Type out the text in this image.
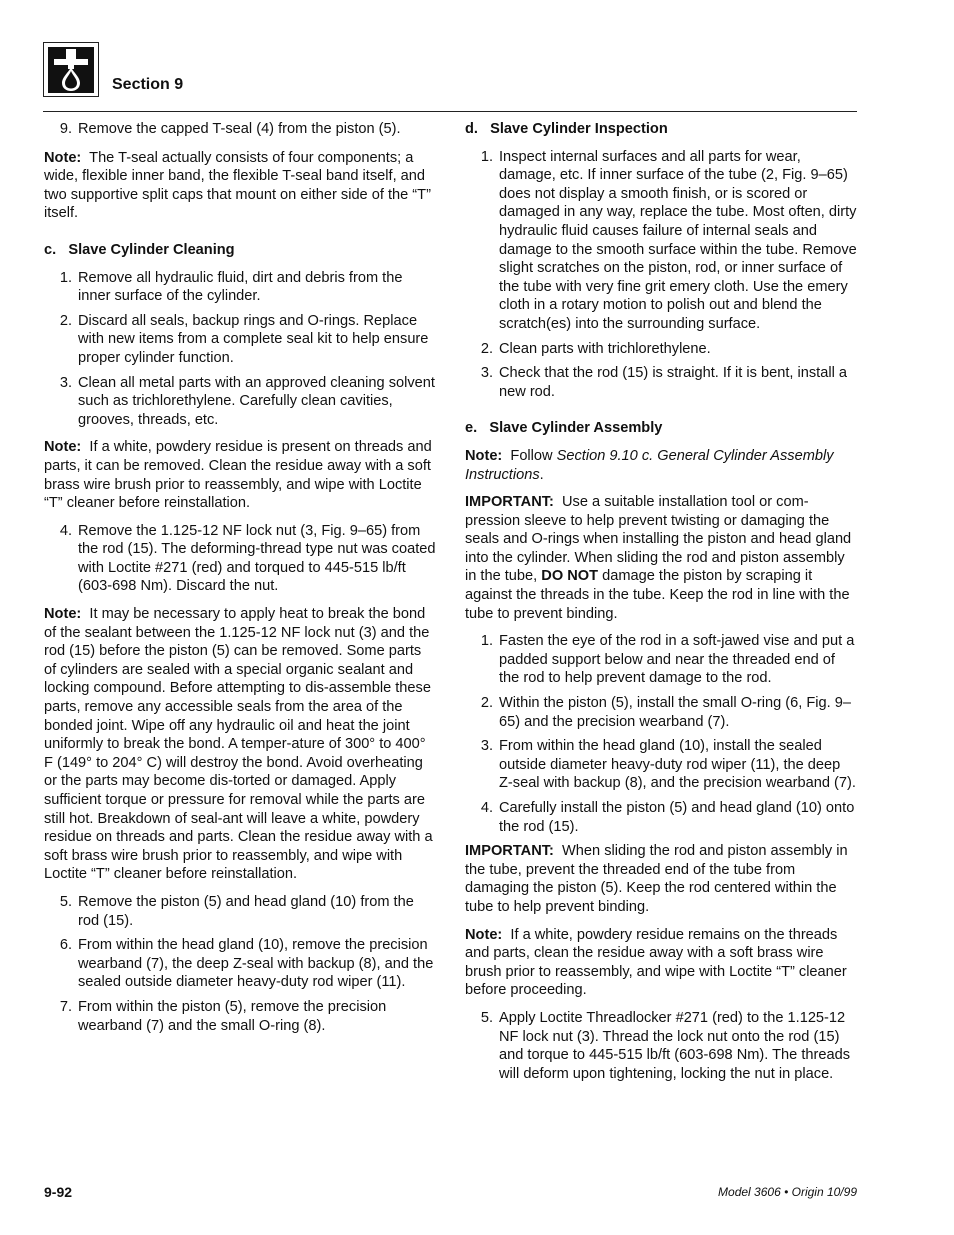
Section 9
9. Remove the capped T-seal (4) from the piston (5).

Note: The T-seal actually consists of four components; a wide, flexible inner band, the flexible T-seal band itself, and two supportive split caps that mount on either side of the “T” itself.

c.   Slave Cylinder Cleaning
1. Remove all hydraulic fluid, dirt and debris from the inner surface of the cylinder.
2. Discard all seals, backup rings and O-rings. Replace with new items from a complete seal kit to help ensure proper cylinder function.
3. Clean all metal parts with an approved cleaning solvent such as trichlorethylene. Carefully clean cavities, grooves, threads, etc.

Note: If a white, powdery residue is present on threads and parts, it can be removed. Clean the residue away with a soft brass wire brush prior to reassembly, and wipe with Loctite “T” cleaner before reinstallation.

4. Remove the 1.125-12 NF lock nut (3, Fig. 9–65) from the rod (15). The deforming-thread type nut was coated with Loctite #271 (red) and torqued to 445-515 lb/ft (603-698 Nm). Discard the nut.

Note: It may be necessary to apply heat to break the bond of the sealant between the 1.125-12 NF lock nut (3) and the rod (15) before the piston (5) can be removed. Some parts of cylinders are sealed with a special organic sealant and locking compound. Before attempting to dis-assemble these parts, remove any accessible seals from the area of the bonded joint. Wipe off any hydraulic oil and heat the joint uniformly to break the bond. A temper-ature of 300° to 400° F (149° to 204° C) will destroy the bond. Avoid overheating or the parts may become dis-torted or damaged. Apply sufficient torque or pressure for removal while the parts are still hot. Breakdown of seal-ant will leave a white, powdery residue on threads and parts. Clean the residue away with a soft brass wire brush prior to reassembly, and wipe with Loctite “T” cleaner before reinstallation.

5. Remove the piston (5) and head gland (10) from the rod (15).
6. From within the head gland (10), remove the precision wearband (7), the deep Z-seal with backup (8), and the sealed outside diameter heavy-duty rod wiper (11).
7. From within the piston (5), remove the precision wearband (7) and the small O-ring (8).
d.   Slave Cylinder Inspection
1. Inspect internal surfaces and all parts for wear, damage, etc. If inner surface of the tube (2, Fig. 9–65) does not display a smooth finish, or is scored or damaged in any way, replace the tube. Most often, dirty hydraulic fluid causes failure of internal seals and damage to the smooth surface within the tube. Remove slight scratches on the piston, rod, or inner surface of the tube with very fine grit emery cloth. Use the emery cloth in a rotary motion to polish out and blend the scratch(es) into the surrounding surface.
2. Clean parts with trichlorethylene.
3. Check that the rod (15) is straight. If it is bent, install a new rod.
e.   Slave Cylinder Assembly

Note: Follow Section 9.10 c. General Cylinder Assembly Instructions.

IMPORTANT: Use a suitable installation tool or com-pression sleeve to help prevent twisting or damaging the seals and O-rings when installing the piston and head gland into the cylinder. When sliding the rod and piston assembly in the tube, DO NOT damage the piston by scraping it against the threads in the tube. Keep the rod in line with the tube to prevent binding.

1. Fasten the eye of the rod in a soft-jawed vise and put a padded support below and near the threaded end of the rod to help prevent damage to the rod.
2. Within the piston (5), install the small O-ring (6, Fig. 9–65) and the precision wearband (7).
3. From within the head gland (10), install the sealed outside diameter heavy-duty rod wiper (11), the deep Z-seal with backup (8), and the precision wearband (7).
4. Carefully install the piston (5) and head gland (10) onto the rod (15).

IMPORTANT: When sliding the rod and piston assembly in the tube, prevent the threaded end of the tube from damaging the piston (5). Keep the rod centered within the tube to help prevent binding.

Note: If a white, powdery residue remains on the threads and parts, clean the residue away with a soft brass wire brush prior to reassembly, and wipe with Loctite “T” cleaner before proceeding.

5. Apply Loctite Threadlocker #271 (red) to the 1.125-12 NF lock nut (3). Thread the lock nut onto the rod (15) and torque to 445-515 lb/ft (603-698 Nm). The threads will deform upon tightening, locking the nut in place.
9-92	Model 3606 • Origin 10/99
